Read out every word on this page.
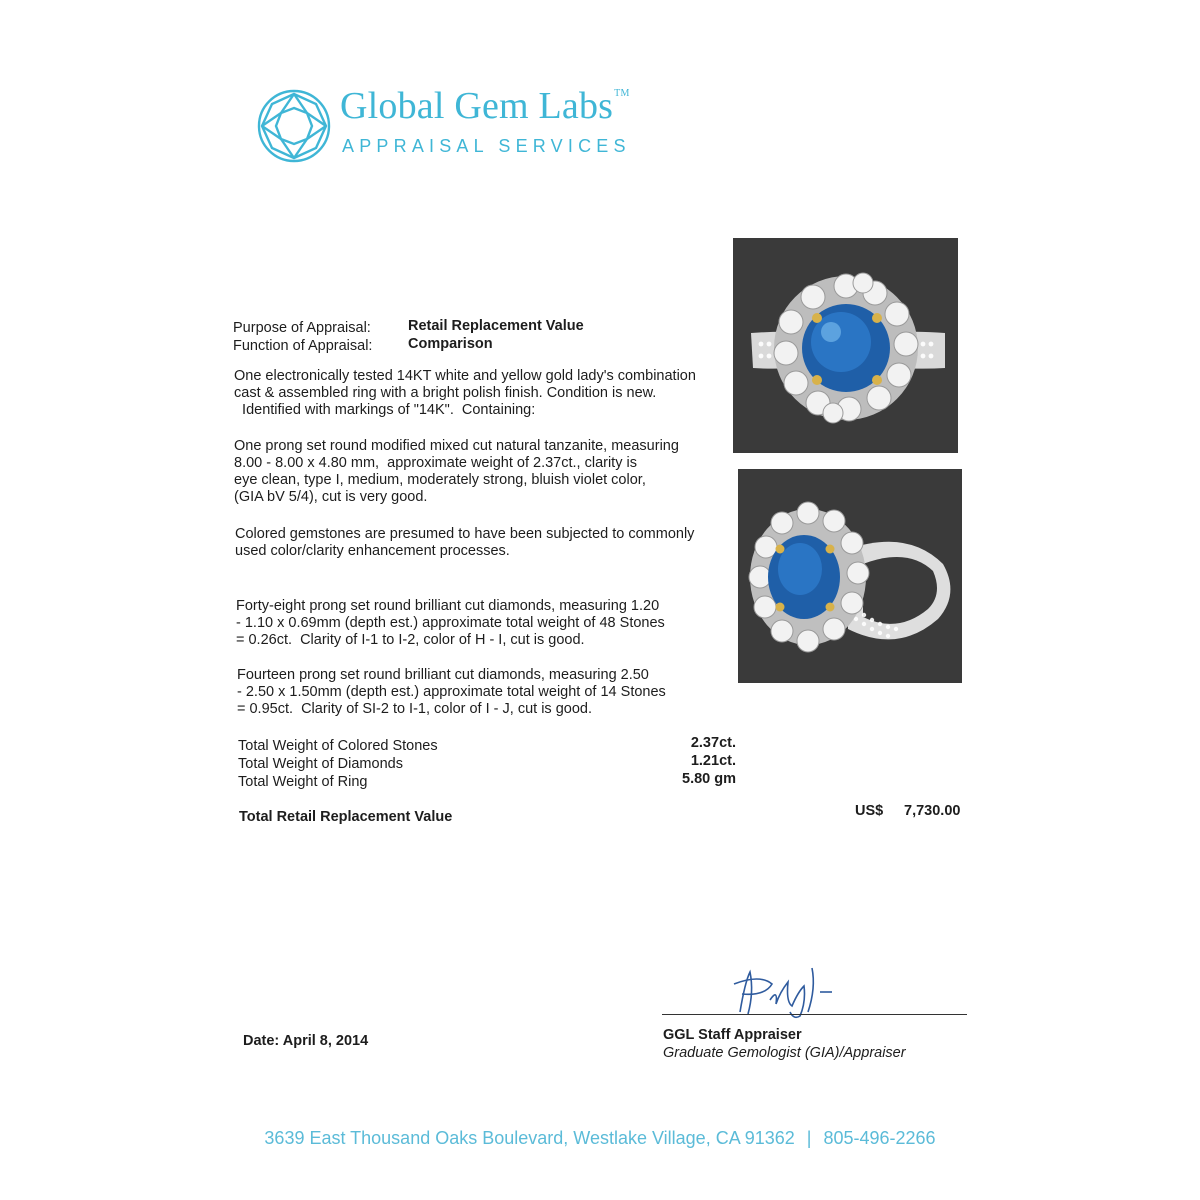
Global Gem Labs™
APPRAISAL SERVICES
Purpose of Appraisal:	Retail Replacement Value
Function of Appraisal: Comparison
One electronically tested 14KT white and yellow gold lady's combination
cast & assembled ring with a bright polish finish. Condition is new.
Identified with markings of "14K".  Containing:
One prong set round modified mixed cut natural tanzanite, measuring
8.00 - 8.00 x 4.80 mm,  approximate weight of 2.37ct., clarity is
eye clean, type I, medium, moderately strong, bluish violet color,
(GIA bV 5/4), cut is very good.
Colored gemstones are presumed to have been subjected to commonly
used color/clarity enhancement processes.
Forty-eight prong set round brilliant cut diamonds, measuring 1.20
- 1.10 x 0.69mm (depth est.) approximate total weight of 48 Stones
= 0.26ct.  Clarity of I-1 to I-2, color of H - I, cut is good.
Fourteen prong set round brilliant cut diamonds, measuring 2.50
- 2.50 x 1.50mm (depth est.) approximate total weight of 14 Stones
= 0.95ct.  Clarity of SI-2 to I-1, color of I - J, cut is good.
Total Weight of Colored Stones	2.37ct.
Total Weight of Diamonds	1.21ct.
Total Weight of Ring	5.80 gm
Total Retail Replacement Value	US$ 7,730.00
Date: April 8, 2014	GGL Staff Appraiser
Graduate Gemologist (GIA)/Appraiser
3639 East Thousand Oaks Boulevard, Westlake Village, CA 91362 | 805-496-2266
